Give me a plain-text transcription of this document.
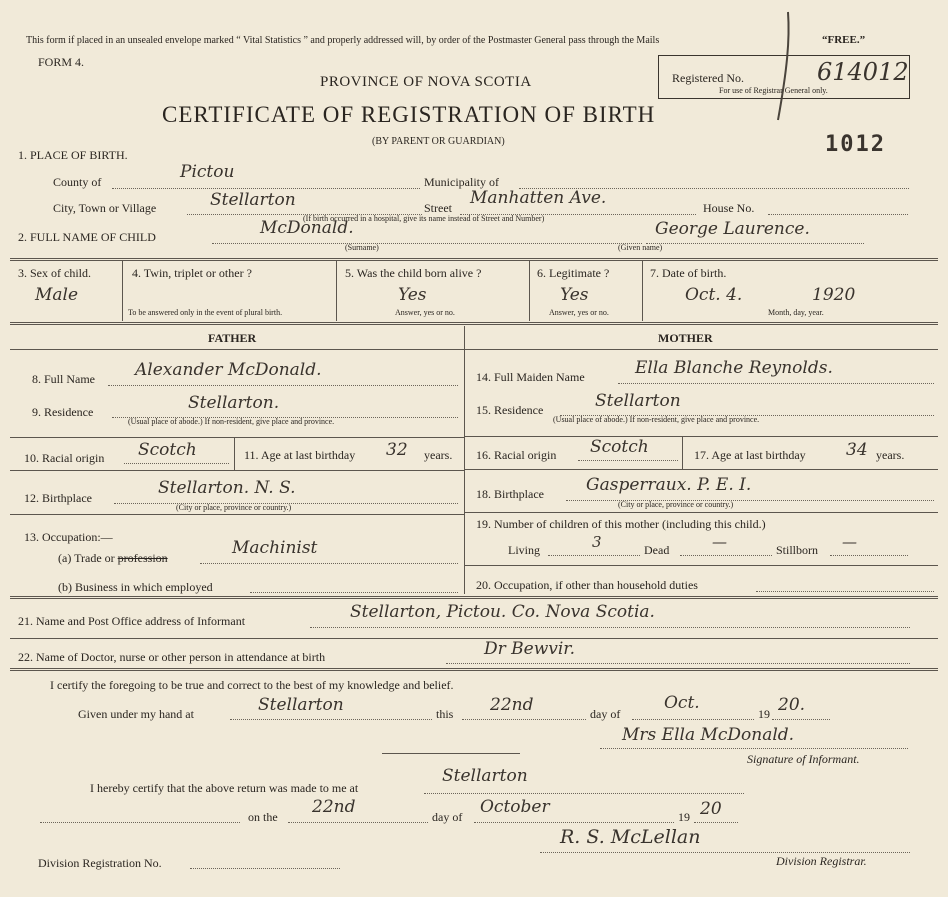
This form if placed in an unsealed envelope marked “ Vital Statistics ” and properly addressed will, by order of the Postmaster General pass through the Mails	“FREE.”
FORM 4.
PROVINCE OF NOVA SCOTIA
CERTIFICATE OF REGISTRATION OF BIRTH
(BY PARENT OR GUARDIAN)
Registered No.	614012
For use of Registrar General only.
1012
1. PLACE OF BIRTH.
County of	Pictou	Municipality of
City, Town or Village	Stellarton	Street Manhatten Ave.	House No.
(If birth occurred in a hospital, give its name instead of Street and Number)
2. FULL NAME OF CHILD	McDonald.
(Surname)
George Laurence.
(Given name)
3. Sex of child.
Male
4. Twin, triplet or other ?
To be answered only in the event of plural birth.
5. Was the child born alive ?
Yes
Answer, yes or no.
6. Legitimate ?
Yes
Answer, yes or no.
7. Date of birth.
Oct. 4.	1920
Month, day, year.
FATHER	MOTHER
8. Full Name Alexander McDonald.
9. Residence	Stellarton.
(Usual place of abode.) If non-resident, give place and province.
10. Racial origin Scotch	11. Age at last birthday 32 years.
12. Birthplace	Stellarton. N. S.
(City or place, province or country.)
13. Occupation:—
(a) Trade or profession	Machinist
(b) Business in which employed
14. Full Maiden Name	Ella Blanche Reynolds.
15. Residence	Stellarton
(Usual place of abode.) If non-resident, give place and province.
16. Racial origin Scotch	17. Age at last birthday 34 years.
18. Birthplace Gasperraux. P. E. I.
(City or place, province or country.)
19. Number of children of this mother (including this child.)
Living	3	Dead	—	Stillborn —
20. Occupation, if other than household duties
21. Name and Post Office address of Informant	Stellarton, Pictou. Co. Nova Scotia.
22. Name of Doctor, nurse or other person in attendance at birth	Dr Bewvir.
I certify the foregoing to be true and correct to the best of my knowledge and belief.
Given under my hand at	Stellarton	this 22nd	day of
Oct.
19 20.
Mrs Ella McDonald.
Signature of Informant.
I hereby certify that the above return was made to me at
Stellarton
on the 22nd	day of October	19 20
R. S. McLellan
Division Registration No.	Division Registrar.
